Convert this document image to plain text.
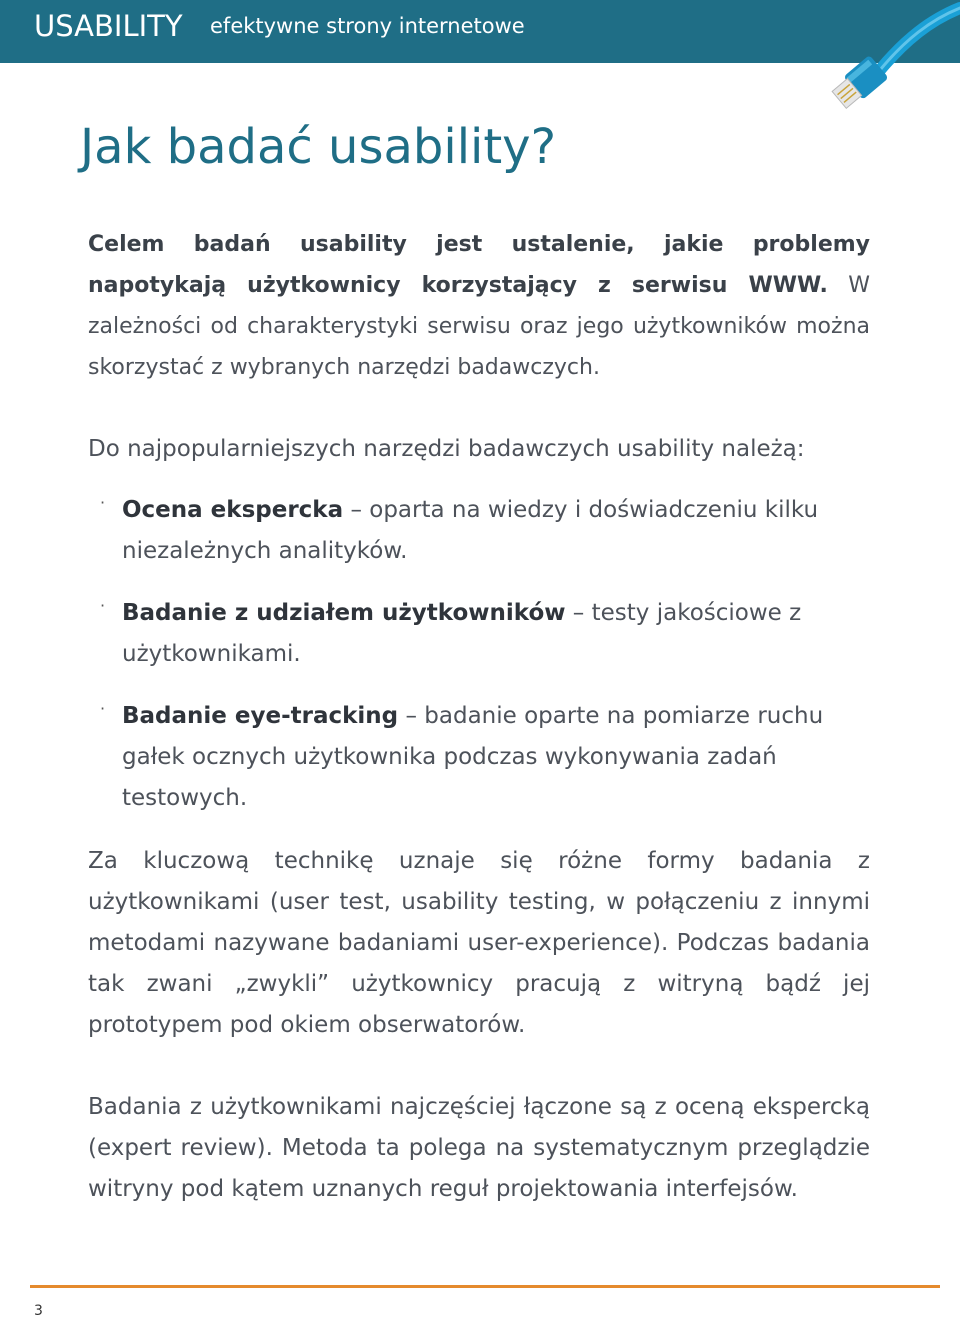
USABILITY efektywne strony internetowe
Jak badać usability?

Celem badań usability jest ustalenie, jakie problemy napotykają użytkownicy korzystający z serwisu WWW. W zależności od charakterystyki serwisu oraz jego użytkowników można skorzystać z wybranych narzędzi badawczych.

Do najpopularniejszych narzędzi badawczych usability należą:

· Ocena ekspercka – oparta na wiedzy i doświadczeniu kilku niezależnych analityków.
· Badanie z udziałem użytkowników – testy jakościowe z użytkownikami.
· Badanie eye-tracking – badanie oparte na pomiarze ruchu gałek ocznych użytkownika podczas wykonywania zadań testowych.

Za kluczową technikę uznaje się różne formy badania z użytkownikami (user test, usability testing, w połączeniu z innymi metodami nazywane badaniami user-experience). Podczas badania tak zwani „zwykli” użytkownicy pracują z witryną bądź jej prototypem pod okiem obserwatorów.

Badania z użytkownikami najczęściej łączone są z oceną ekspercką (expert review). Metoda ta polega na systematycznym przeglądzie witryny pod kątem uznanych reguł projektowania interfejsów.

3
